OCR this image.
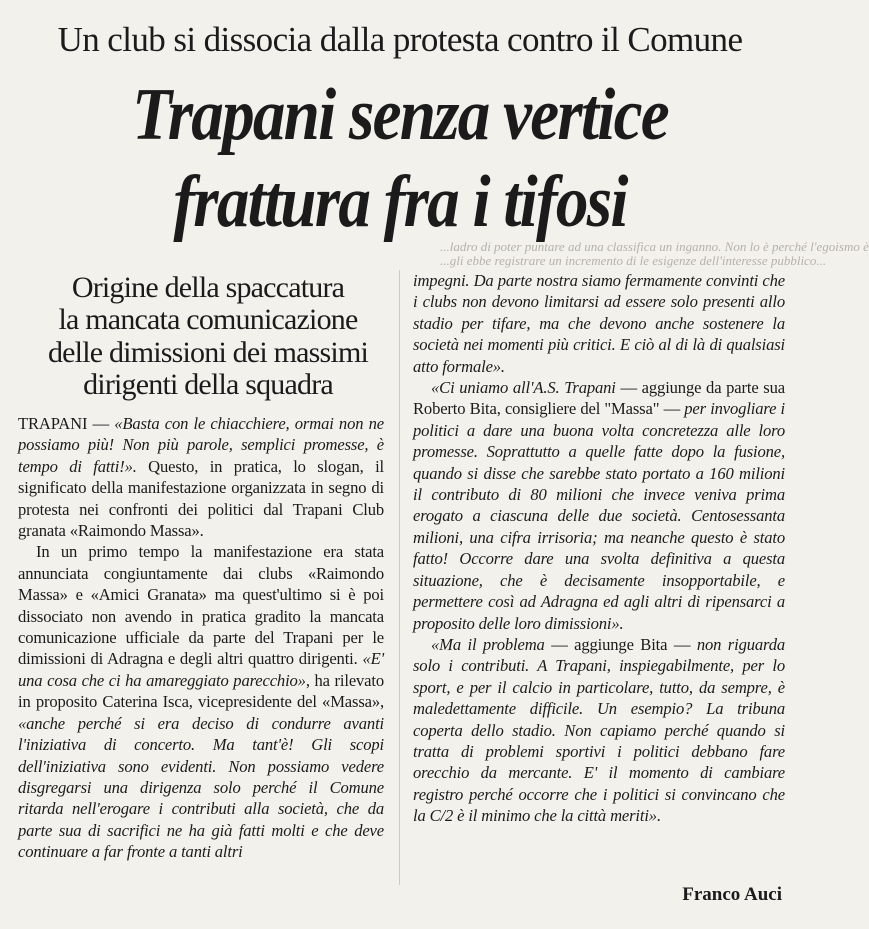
Un club si dissocia dalla protesta contro il Comune
Trapani senza vertice
frattura fra i tifosi
...ladro di poter puntare ad una classifica un inganno. Non lo è perché l'egoismo è
...gli ebbe registrare un incremento di le esigenze dell'interesse pubblico...
Origine della spaccatura
la mancata comunicazione
delle dimissioni dei massimi
dirigenti della squadra

TRAPANI — «Basta con le chiacchiere, ormai non ne possiamo più! Non più parole, semplici promesse, è tempo di fatti!». Questo, in pratica, lo slogan, il significato della manifestazione organizzata in segno di protesta nei confronti dei politici dal Trapani Club granata «Raimondo Massa».

In un primo tempo la manifestazione era stata annunciata congiuntamente dai clubs «Raimondo Massa» e «Amici Granata» ma quest'ultimo si è poi dissociato non avendo in pratica gradito la mancata comunicazione ufficiale da parte del Trapani per le dimissioni di Adragna e degli altri quattro dirigenti. «E' una cosa che ci ha amareggiato parecchio», ha rilevato in proposito Caterina Isca, vicepresidente del «Massa», «anche perché si era deciso di condurre avanti l'iniziativa di concerto. Ma tant'è! Gli scopi dell'iniziativa sono evidenti. Non possiamo vedere disgregarsi una dirigenza solo perché il Comune ritarda nell'erogare i contributi alla società, che da parte sua di sacrifici ne ha già fatti molti e che deve continuare a far fronte a tanti altri

impegni. Da parte nostra siamo fermamente convinti che i clubs non devono limitarsi ad essere solo presenti allo stadio per tifare, ma che devono anche sostenere la società nei momenti più critici. E ciò al di là di qualsiasi atto formale».

«Ci uniamo all'A.S. Trapani — aggiunge da parte sua Roberto Bita, consigliere del "Massa" — per invogliare i politici a dare una buona volta concretezza alle loro promesse. Soprattutto a quelle fatte dopo la fusione, quando si disse che sarebbe stato portato a 160 milioni il contributo di 80 milioni che invece veniva prima erogato a ciascuna delle due società. Centosessanta milioni, una cifra irrisoria; ma neanche questo è stato fatto! Occorre dare una svolta definitiva a questa situazione, che è decisamente insopportabile, e permettere così ad Adragna ed agli altri di ripensarci a proposito delle loro dimissioni».

«Ma il problema — aggiunge Bita — non riguarda solo i contributi. A Trapani, inspiegabilmente, per lo sport, e per il calcio in particolare, tutto, da sempre, è maledettamente difficile. Un esempio? La tribuna coperta dello stadio. Non capiamo perché quando si tratta di problemi sportivi i politici debbano fare orecchio da mercante. E' il momento di cambiare registro perché occorre che i politici si convincano che la C/2 è il minimo che la città meriti».

Franco Auci
